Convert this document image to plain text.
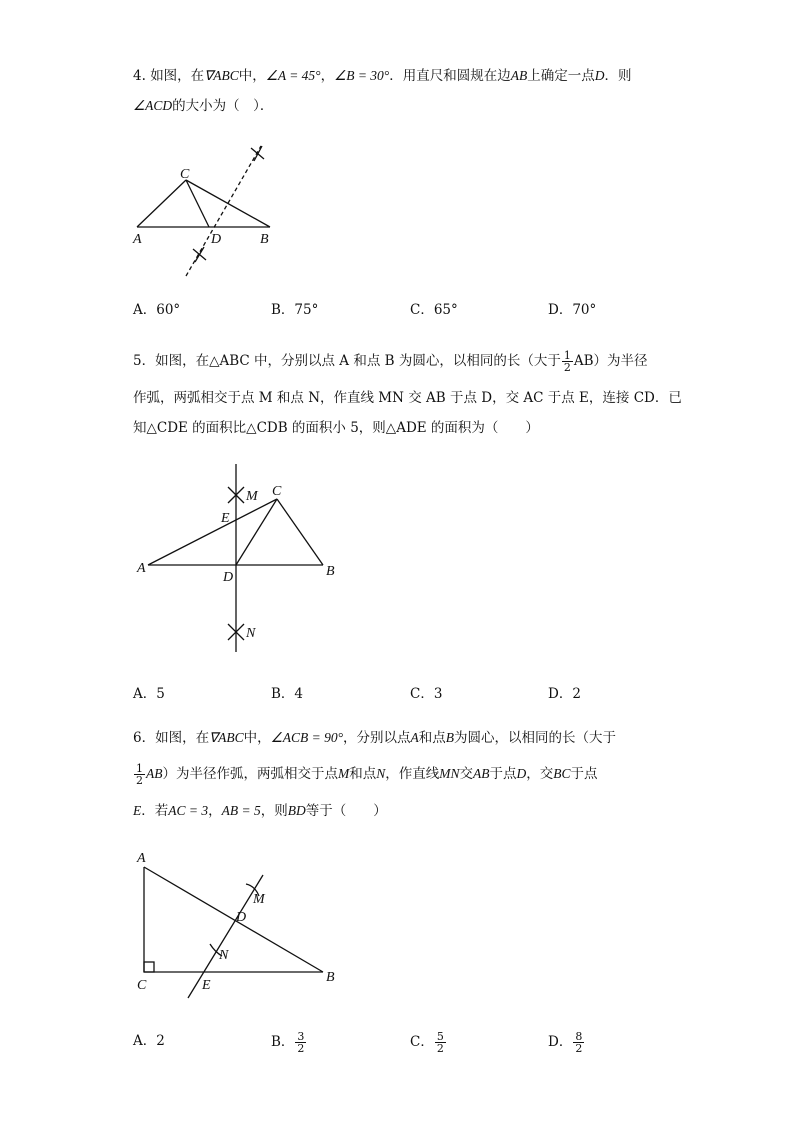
4. 如图，在∇ABC中，∠A = 45°，∠B = 30°．用直尺和圆规在边AB上确定一点D．则
∠ACD的大小为（　）．
C
A	D	B
A．60°	B．75°	C．65°	D．70°
5．如图，在△ABC 中，分别以点 A 和点 B 为圆心，以相同的长（大于 $\frac{1}{2} AB$）为半径
作弧，两弧相交于点 M 和点 N，作直线 MN 交 AB 于点 D，交 AC 于点 E，连接 CD．已
知△CDE 的面积比△CDB 的面积小 5，则△ADE 的面积为（　　）
M C
E
A
D	B
N
A．5	B．4	C．3	D．2
6．如图，在∇ABC中，∠ACB = 90°，分别以点A和点B为圆心，以相同的长（大于
$\frac{1}{2} AB$）为半径作弧，两弧相交于点M和点N，作直线MN交AB于点D，交BC于点
E．若AC = 3，AB = 5，则BD等于（　　）
A
M
D
N
C	E
B
A．2	B． $\frac{3}{2}$	C． $\frac{5}{2}$	D． $\frac{8}{2}$
